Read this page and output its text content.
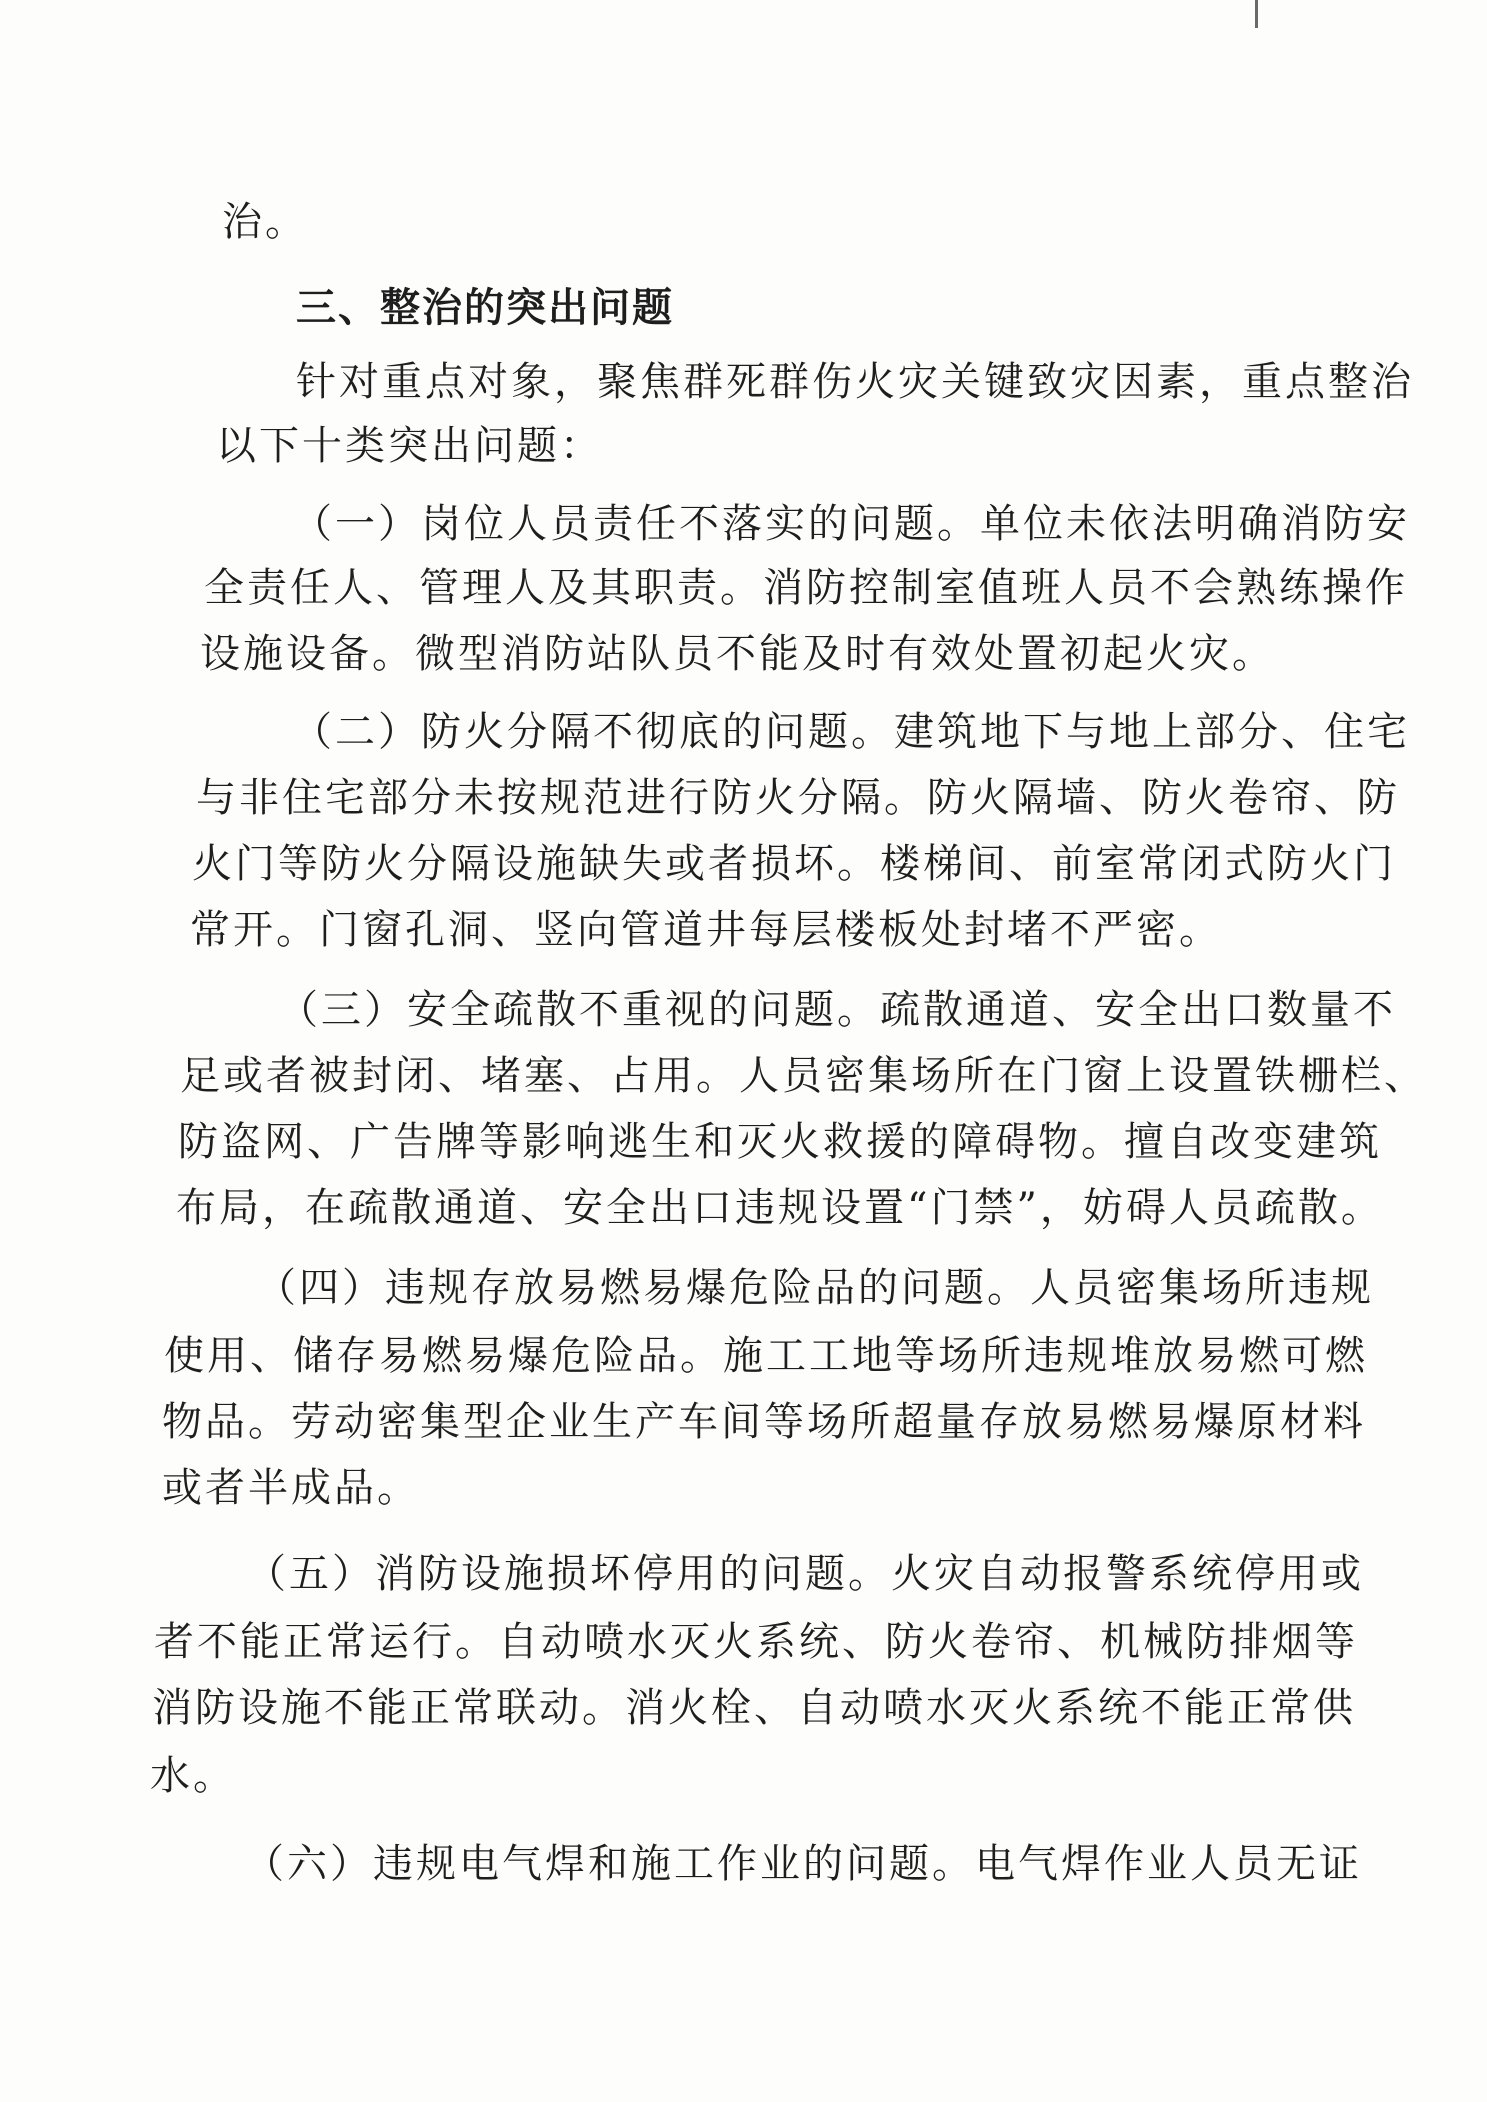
治。
三、整治的突出问题
针对重点对象，聚焦群死群伤火灾关键致灾因素，重点整治
以下十类突出问题：
（一）岗位人员责任不落实的问题。单位未依法明确消防安
全责任人、管理人及其职责。消防控制室值班人员不会熟练操作
设施设备。微型消防站队员不能及时有效处置初起火灾。
（二）防火分隔不彻底的问题。建筑地下与地上部分、住宅
与非住宅部分未按规范进行防火分隔。防火隔墙、防火卷帘、防
火门等防火分隔设施缺失或者损坏。楼梯间、前室常闭式防火门
常开。门窗孔洞、竖向管道井每层楼板处封堵不严密。
（三）安全疏散不重视的问题。疏散通道、安全出口数量不
足或者被封闭、堵塞、占用。人员密集场所在门窗上设置铁栅栏、
防盗网、广告牌等影响逃生和灭火救援的障碍物。擅自改变建筑
布局，在疏散通道、安全出口违规设置“门禁”，妨碍人员疏散。
（四）违规存放易燃易爆危险品的问题。人员密集场所违规
使用、储存易燃易爆危险品。施工工地等场所违规堆放易燃可燃
物品。劳动密集型企业生产车间等场所超量存放易燃易爆原材料
或者半成品。
（五）消防设施损坏停用的问题。火灾自动报警系统停用或
者不能正常运行。自动喷水灭火系统、防火卷帘、机械防排烟等
消防设施不能正常联动。消火栓、自动喷水灭火系统不能正常供
水。
（六）违规电气焊和施工作业的问题。电气焊作业人员无证
